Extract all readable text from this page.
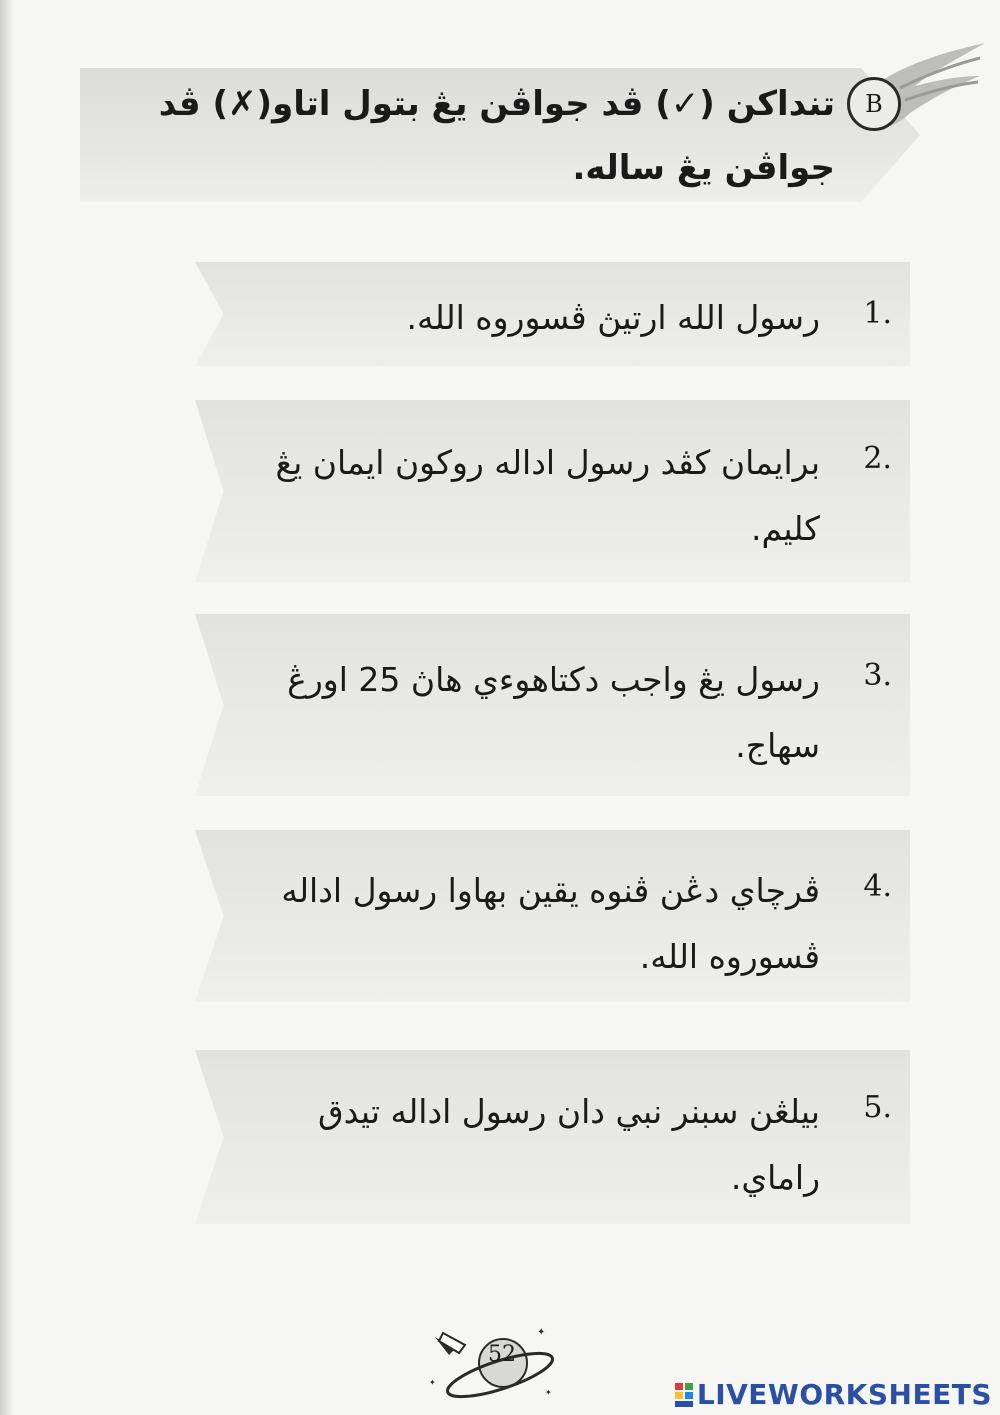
B
تنداكن (✓) ڤد جواڤن يڠ بتول اتاو(✗) ڤد جواڤن يڠ ساله.
1.
رسول الله ارتيڽ ڤسوروه الله.
2.
برايمان كڤد رسول اداله روكون ايمان يڠ كليم.
3.
رسول يڠ واجب دكتاهوءي هاڽ 25 اورڠ سهاج.
4.
ڤرچاي دڠن ڤنوه يقين بهاوا رسول اداله ڤسوروه الله.
5.
بيلڠن سبنر نبي دان رسول اداله تيدق راماي.
✦
✦
✦
52
LIVEWORKSHEETS
